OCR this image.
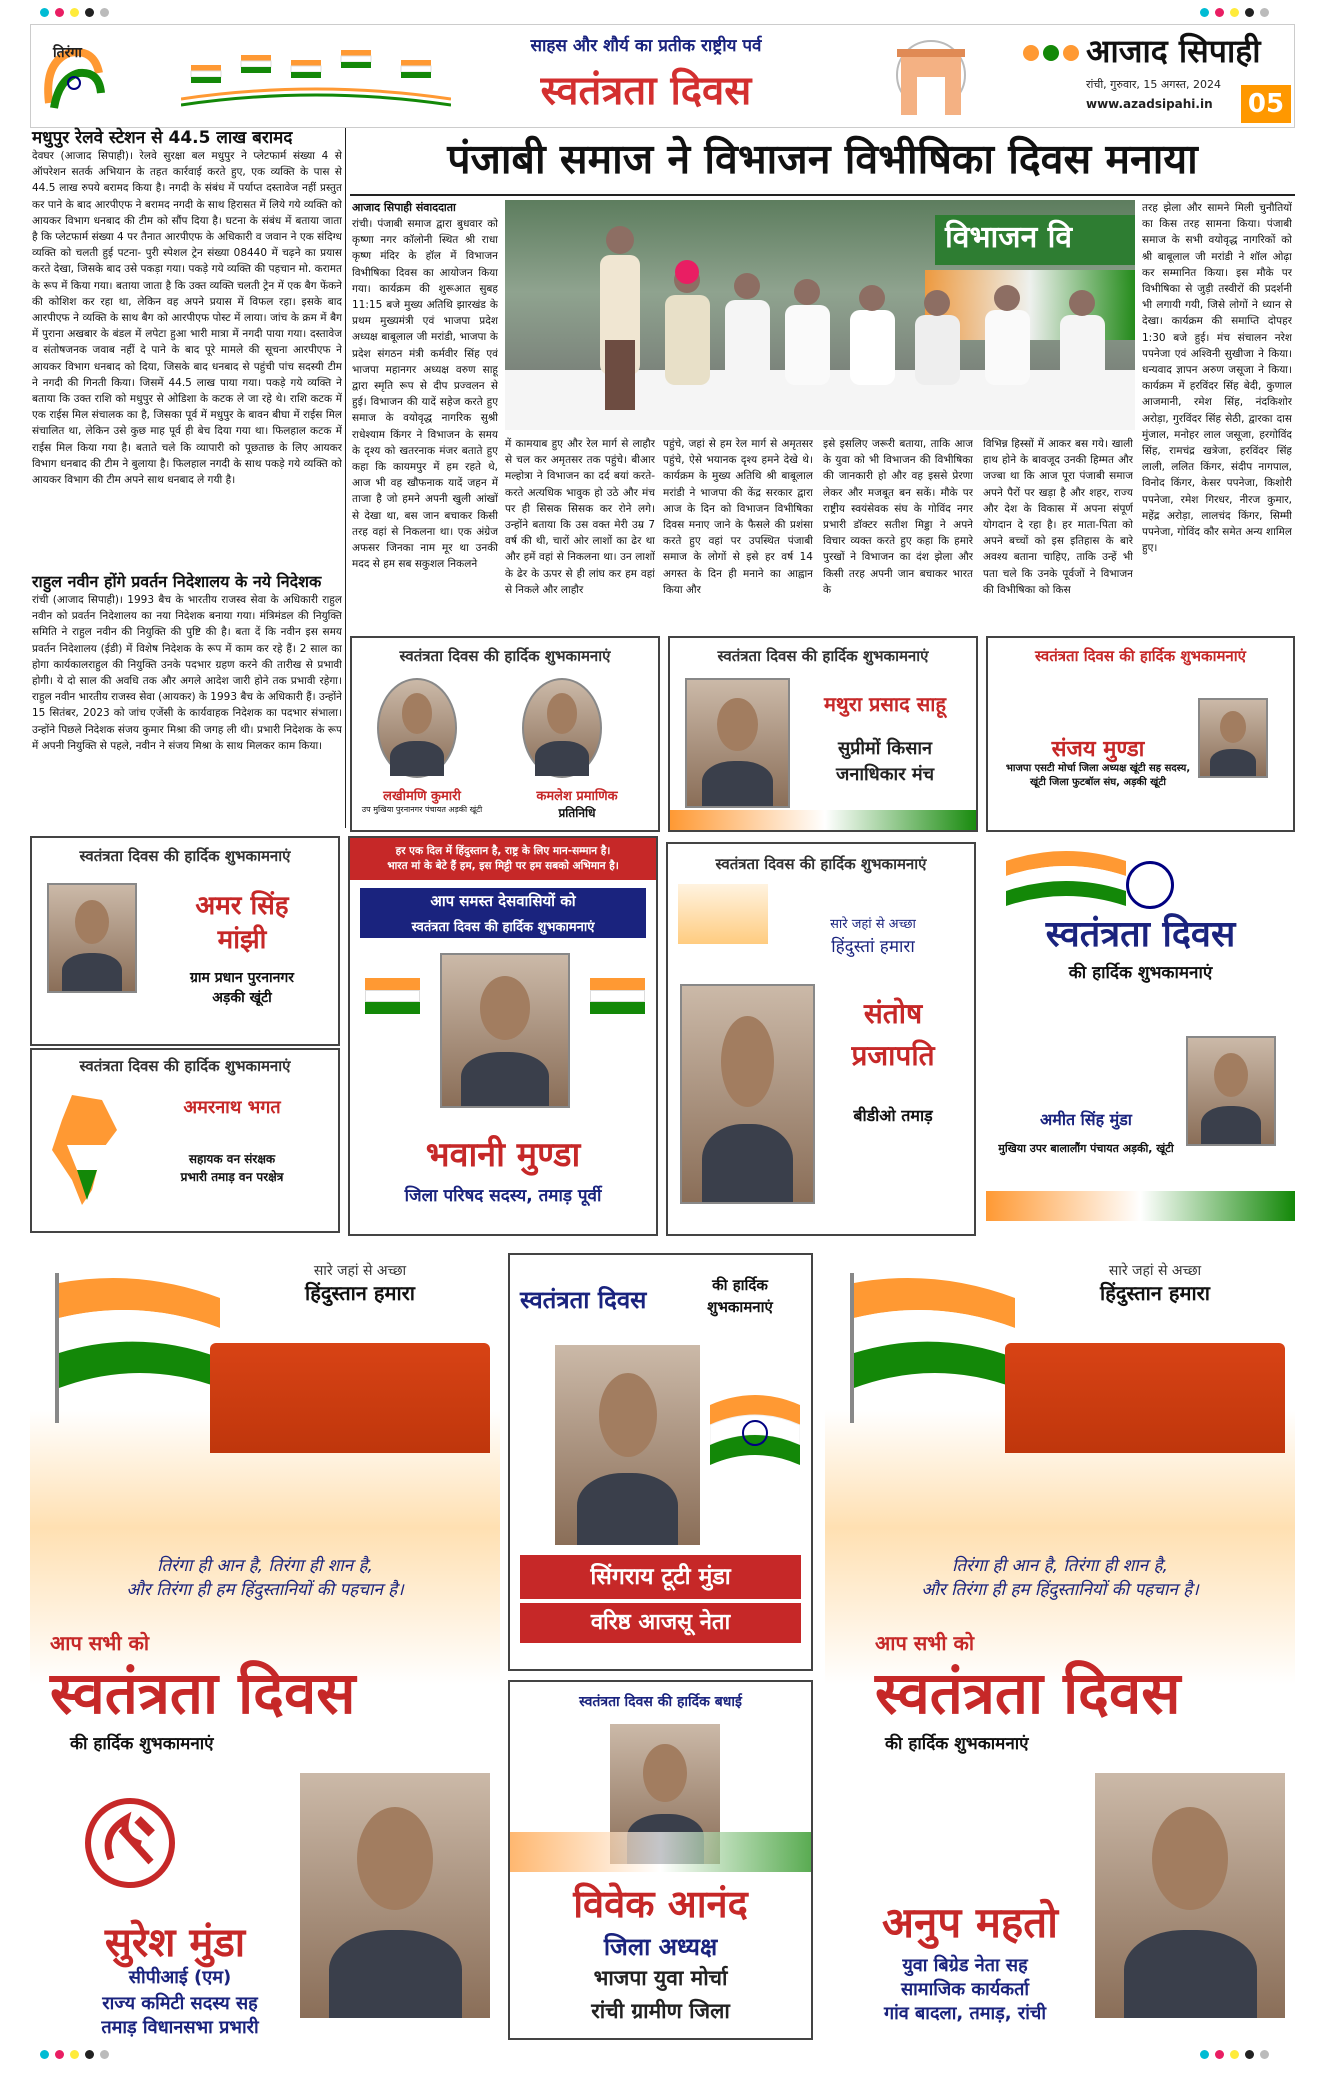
तिरंगा	साहस और शौर्य का प्रतीक राष्ट्रीय पर्व
स्वतंत्रता दिवस
आजाद सिपाही
रांची, गुरुवार, 15 अगस्त, 2024
www.azadsipahi.in 05
मधुपुर रेलवे स्टेशन से 44.5 लाख बरामद
देवघर (आजाद सिपाही)। रेलवे सुरक्षा बल मधुपुर ने प्लेटफार्म संख्या 4 से ऑपरेशन सतर्क अभियान के तहत कार्रवाई करते हुए, एक व्यक्ति के पास से 44.5 लाख रुपये बरामद किया है। नगदी के संबंध में पर्याप्त दस्तावेज नहीं प्रस्तुत कर पाने के बाद आरपीएफ ने बरामद नगदी के साथ हिरासत में लिये गये व्यक्ति को आयकर विभाग धनबाद की टीम को सौंप दिया है। घटना के संबंध में बताया जाता है कि प्लेटफार्म संख्या 4 पर तैनात आरपीएफ के अधिकारी व जवान ने एक संदिग्ध व्यक्ति को चलती हुई पटना- पुरी स्पेशल ट्रेन संख्या 08440 में चढ़ने का प्रयास करते देखा, जिसके बाद उसे पकड़ा गया। पकड़े गये व्यक्ति की पहचान मो. करामत के रूप में किया गया। बताया जाता है कि उक्त व्यक्ति चलती ट्रेन में एक बैग फेंकने की कोशिश कर रहा था, लेकिन वह अपने प्रयास में विफल रहा। इसके बाद आरपीएफ ने व्यक्ति के साथ बैग को आरपीएफ पोस्ट में लाया। जांच के क्रम में बैग में पुराना अखबार के बंडल में लपेटा हुआ भारी मात्रा में नगदी पाया गया। दस्तावेज व संतोषजनक जवाब नहीं दे पाने के बाद पूरे मामले की सूचना आरपीएफ ने आयकर विभाग धनबाद को दिया, जिसके बाद धनबाद से पहुंची पांच सदस्यी टीम ने नगदी की गिनती किया। जिसमें 44.5 लाख पाया गया। पकड़े गये व्यक्ति ने बताया कि उक्त राशि को मधुपुर से ओडिशा के कटक ले जा रहे थे। राशि कटक में एक राईस मिल संचालक का है, जिसका पूर्व में मधुपुर के बावन बीघा में राईस मिल संचालित था, लेकिन उसे कुछ माह पूर्व ही बेच दिया गया था। फिलहाल कटक में राईस मिल किया गया है। बताते चले कि व्यापारी को पूछताछ के लिए आयकर विभाग धनबाद की टीम ने बुलाया है। फिलहाल नगदी के साथ पकड़े गये व्यक्ति को आयकर विभाग की टीम अपने साथ धनबाद ले गयी है।
राहुल नवीन होंगे प्रवर्तन निदेशालय के नये निदेशक
रांची (आजाद सिपाही)। 1993 बैच के भारतीय राजस्व सेवा के अधिकारी राहुल नवीन को प्रवर्तन निदेशालय का नया निदेशक बनाया गया। मंत्रिमंडल की नियुक्ति समिति ने राहुल नवीन की नियुक्ति की पुष्टि की है। बता दें कि नवीन इस समय प्रवर्तन निदेशालय (ईडी) में विशेष निदेशक के रूप में काम कर रहे हैं। 2 साल का होगा कार्यकालराहुल की नियुक्ति उनके पदभार ग्रहण करने की तारीख से प्रभावी होगी। ये दो साल की अवधि तक और अगले आदेश जारी होने तक प्रभावी रहेगा। राहुल नवीन भारतीय राजस्व सेवा (आयकर) के 1993 बैच के अधिकारी हैं। उन्होंने 15 सितंबर, 2023 को जांच एजेंसी के कार्यवाहक निदेशक का पदभार संभाला। उन्होंने पिछले निदेशक संजय कुमार मिश्रा की जगह ली थी। प्रभारी निदेशक के रूप में अपनी नियुक्ति से पहले, नवीन ने संजय मिश्रा के साथ मिलकर काम किया।
पंजाबी समाज ने विभाजन विभीषिका दिवस मनाया
आजाद सिपाही संवाददाता
रांची। पंजाबी समाज द्वारा बुधवार को कृष्णा नगर कॉलोनी स्थित श्री राधा कृष्ण मंदिर के हॉल में विभाजन विभीषिका दिवस का आयोजन किया गया। कार्यक्रम की शुरूआत सुबह 11:15 बजे मुख्य अतिथि झारखंड के प्रथम मुख्यमंत्री एवं भाजपा प्रदेश अध्यक्ष बाबूलाल जी मरांडी, भाजपा के प्रदेश संगठन मंत्री कर्मवीर सिंह एवं भाजपा महानगर अध्यक्ष वरुण साहू द्वारा स्मृति रूप से दीप प्रज्वलन से हुई। विभाजन की यादें सहेज करते हुए समाज के वयोवृद्ध नागरिक सुश्री राधेश्याम किंगर ने विभाजन के समय के दृश्य को खतरनाक मंजर बताते हुए कहा कि कायमपुर में हम रहते थे, आज भी वह खौफनाक यादें जहन में ताजा है जो हमने अपनी खुली आंखों से देखा था, बस जान बचाकर किसी तरह वहां से निकलना था। एक अंग्रेज अफसर जिनका नाम मूर था उनकी मदद से हम सब सकुशल निकलने
विभाजन वि
में कामयाब हुए और रेल मार्ग से लाहौर से चल कर अमृतसर तक पहुंचे। बीआर मल्होत्रा ने विभाजन का दर्द बयां करते-करते अत्यधिक भावुक हो उठे और मंच पर ही सिसक सिसक कर रोने लगे। उन्होंने बताया कि उस वक्त मेरी उम्र 7 वर्ष की थी, चारों ओर लाशों का ढेर था और हमें वहां से निकलना था। उन लाशों के ढेर के ऊपर से ही लांघ कर हम वहां से निकले और लाहौर
पहुंचे, जहां से हम रेल मार्ग से अमृतसर पहुंचे, ऐसे भयानक दृश्य हमने देखे थे। कार्यक्रम के मुख्य अतिथि श्री बाबूलाल मरांडी ने भाजपा की केंद्र सरकार द्वारा आज के दिन को विभाजन विभीषिका दिवस मनाए जाने के फैसले की प्रशंसा करते हुए वहां पर उपस्थित पंजाबी समाज के लोगों से इसे हर वर्ष 14 अगस्त के दिन ही मनाने का आह्वान किया और
इसे इसलिए जरूरी बताया, ताकि आज के युवा को भी विभाजन की विभीषिका की जानकारी हो और वह इससे प्रेरणा लेकर और मजबूत बन सकें। मौके पर राष्ट्रीय स्वयंसेवक संघ के गोविंद नगर प्रभारी डॉक्टर सतीश मिड्डा ने अपने विचार व्यक्त करते हुए कहा कि हमारे पुरखों ने विभाजन का दंश झेला और किसी तरह अपनी जान बचाकर भारत के
विभिन्न हिस्सों में आकर बस गये। खाली हाथ होने के बावजूद उनकी हिम्मत और जज्बा था कि आज पूरा पंजाबी समाज अपने पैरों पर खड़ा है और शहर, राज्य और देश के विकास में अपना संपूर्ण योगदान दे रहा है। हर माता-पिता को अपने बच्चों को इस इतिहास के बारे अवश्य बताना चाहिए, ताकि उन्हें भी पता चले कि उनके पूर्वजों ने विभाजन की विभीषिका को किस
तरह झेला और सामने मिली चुनौतियों का किस तरह सामना किया। पंजाबी समाज के सभी वयोवृद्ध नागरिकों को श्री बाबूलाल जी मरांडी ने शॉल ओढ़ा कर सम्मानित किया। इस मौके पर विभीषिका से जुड़ी तस्वीरों की प्रदर्शनी भी लगायी गयी, जिसे लोगों ने ध्यान से देखा। कार्यक्रम की समाप्ति दोपहर 1:30 बजे हुई। मंच संचालन नरेश पपनेजा एवं अश्विनी सुखीजा ने किया। धन्यवाद ज्ञापन अरुण जसूजा ने किया। कार्यक्रम में हरविंदर सिंह बेदी, कुणाल आजमानी, रमेश सिंह, नंदकिशोर अरोड़ा, गुरविंदर सिंह सेठी, द्वारका दास मुंजाल, मनोहर लाल जसूजा, हरगोविंद सिंह, रामचंद्र खत्रेजा, हरविंदर सिंह लाली, ललित किंगर, संदीप नागपाल, विनोद किंगर, केसर पपनेजा, किशोरी पपनेजा, रमेश गिरधर, नीरज कुमार, महेंद्र अरोड़ा, लालचंद किंगर, सिम्मी पपनेजा, गोविंद कौर समेत अन्य शामिल हुए।
स्वतंत्रता दिवस की हार्दिक शुभकामनाएं
लखीमणि कुमारी
उप मुखिया पुरनानगर पंचायत अड़की खूंटी
कमलेश प्रमाणिक
प्रतिनिधि
स्वतंत्रता दिवस की हार्दिक शुभकामनाएं
मथुरा प्रसाद साहू
सुप्रीमों किसान
जनाधिकार मंच
स्वतंत्रता दिवस की हार्दिक शुभकामनाएं
संजय मुण्डा
भाजपा एसटी मोर्चा जिला अध्यक्ष खूंटी सह सदस्य, खूंटी जिला फुटबॉल संघ, अड़की खूंटी
स्वतंत्रता दिवस की हार्दिक शुभकामनाएं
अमर सिंह
मांझी
ग्राम प्रधान पुरनानगर
अड़की खूंटी
स्वतंत्रता दिवस की हार्दिक शुभकामनाएं
अमरनाथ भगत
सहायक वन संरक्षक
प्रभारी तमाड़ वन परक्षेत्र
हर एक दिल में हिंदुस्तान है, राष्ट्र के लिए मान-सम्मान है।
भारत मां के बेटे हैं हम, इस मिट्टी पर हम सबको अभिमान है।
आप समस्त देसवासियों को
स्वतंत्रता दिवस की हार्दिक शुभकामनाएं
भवानी मुण्डा
जिला परिषद सदस्य, तमाड़ पूर्वी
स्वतंत्रता दिवस की हार्दिक शुभकामनाएं
सारे जहां से अच्छा
हिंदुस्तां हमारा
संतोष
प्रजापति
बीडीओ तमाड़
स्वतंत्रता दिवस
की हार्दिक शुभकामनाएं
अमीत सिंह मुंडा
मुखिया उपर बालालौंग पंचायत अड़की, खूंटी
सारे जहां से अच्छा
हिंदुस्तान हमारा
तिरंगा ही आन है, तिरंगा ही शान है,
और तिरंगा ही हम हिंदुस्तानियों की पहचान है।
आप सभी को
स्वतंत्रता दिवस
की हार्दिक शुभकामनाएं
सुरेश मुंडा
सीपीआई (एम)
राज्य कमिटी सदस्य सह
तमाड़ विधानसभा प्रभारी
स्वतंत्रता दिवस	की हार्दिक
शुभकामनाएं
सिंगराय टूटी मुंडा
वरिष्ठ आजसू नेता
स्वतंत्रता दिवस की हार्दिक बधाई
विवेक आनंद
जिला अध्यक्ष
भाजपा युवा मोर्चा
रांची ग्रामीण जिला
सारे जहां से अच्छा
हिंदुस्तान हमारा
तिरंगा ही आन है, तिरंगा ही शान है,
और तिरंगा ही हम हिंदुस्तानियों की पहचान है।
आप सभी को
स्वतंत्रता दिवस
की हार्दिक शुभकामनाएं
अनुप महतो
युवा बिग्रेड नेता सह
सामाजिक कार्यकर्ता
गांव बादला, तमाड़, रांची
